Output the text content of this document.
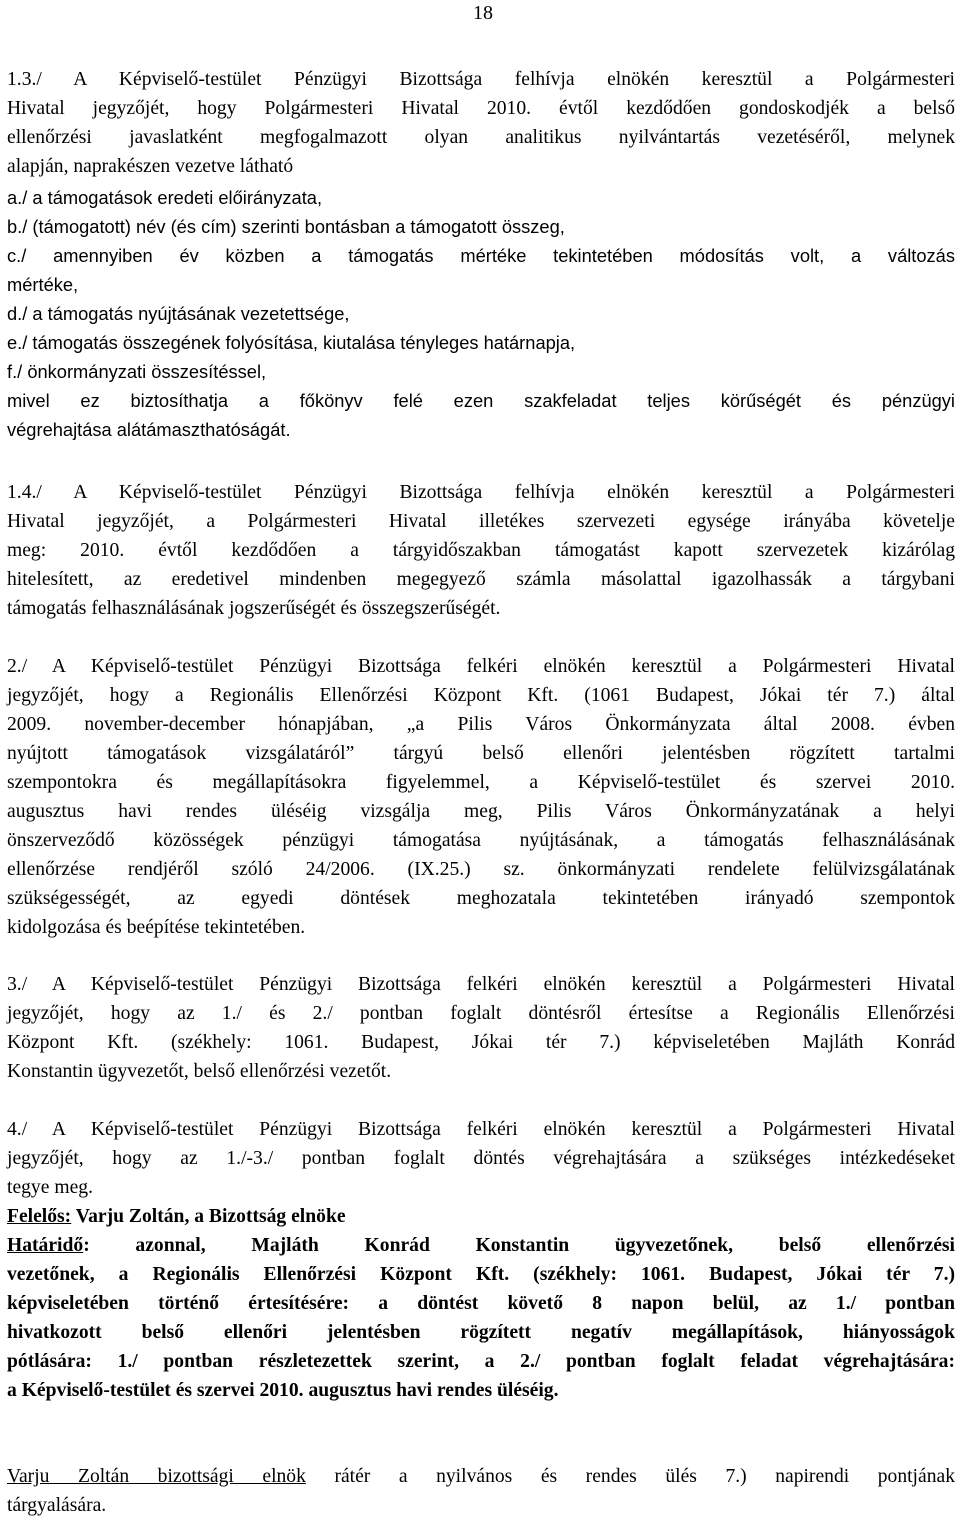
18
1.3./ A Képviselő-testület Pénzügyi Bizottsága felhívja elnökén keresztül a Polgármesteri
Hivatal jegyzőjét, hogy Polgármesteri Hivatal 2010. évtől kezdődően gondoskodjék a belső
ellenőrzési javaslatként megfogalmazott olyan analitikus nyilvántartás vezetéséről, melynek
alapján, naprakészen vezetve látható
a./ a támogatások eredeti előirányzata,
b./ (támogatott) név (és cím) szerinti bontásban a támogatott összeg,
c./ amennyiben év közben a támogatás mértéke tekintetében módosítás volt, a változás
mértéke,
d./ a támogatás nyújtásának vezetettsége,
e./ támogatás összegének folyósítása, kiutalása tényleges határnapja,
f./ önkormányzati összesítéssel,
mivel ez biztosíthatja a főkönyv felé ezen szakfeladat teljes körűségét és pénzügyi
végrehajtása alátámaszthatóságát.
1.4./ A Képviselő-testület Pénzügyi Bizottsága felhívja elnökén keresztül a Polgármesteri
Hivatal jegyzőjét, a Polgármesteri Hivatal illetékes szervezeti egysége irányába követelje
meg: 2010. évtől kezdődően a tárgyidőszakban támogatást kapott szervezetek kizárólag
hitelesített, az eredetivel mindenben megegyező számla másolattal igazolhassák a tárgybani
támogatás felhasználásának jogszerűségét és összegszerűségét.
2./ A Képviselő-testület Pénzügyi Bizottsága felkéri elnökén keresztül a Polgármesteri Hivatal
jegyzőjét, hogy a Regionális Ellenőrzési Központ Kft. (1061 Budapest, Jókai tér 7.) által
2009. november-december hónapjában, „a Pilis Város Önkormányzata által 2008. évben
nyújtott támogatások vizsgálatáról” tárgyú belső ellenőri jelentésben rögzített tartalmi
szempontokra és megállapításokra figyelemmel, a Képviselő-testület és szervei 2010.
augusztus havi rendes üléséig vizsgálja meg, Pilis Város Önkormányzatának a helyi
önszerveződő közösségek pénzügyi támogatása nyújtásának, a támogatás felhasználásának
ellenőrzése rendjéről szóló 24/2006. (IX.25.) sz. önkormányzati rendelete felülvizsgálatának
szükségességét, az egyedi döntések meghozatala tekintetében irányadó szempontok
kidolgozása és beépítése tekintetében.
3./ A Képviselő-testület Pénzügyi Bizottsága felkéri elnökén keresztül a Polgármesteri Hivatal
jegyzőjét, hogy az 1./ és 2./ pontban foglalt döntésről értesítse a Regionális Ellenőrzési
Központ Kft. (székhely: 1061. Budapest, Jókai tér 7.) képviseletében Majláth Konrád
Konstantin ügyvezetőt, belső ellenőrzési vezetőt.
4./ A Képviselő-testület Pénzügyi Bizottsága felkéri elnökén keresztül a Polgármesteri Hivatal
jegyzőjét, hogy az 1./-3./ pontban foglalt döntés végrehajtására a szükséges intézkedéseket
tegye meg.
Felelős: Varju Zoltán, a Bizottság elnöke
Határidő: azonnal, Majláth Konrád Konstantin ügyvezetőnek, belső ellenőrzési
vezetőnek, a Regionális Ellenőrzési Központ Kft. (székhely: 1061. Budapest, Jókai tér 7.)
képviseletében történő értesítésére: a döntést követő 8 napon belül, az 1./ pontban
hivatkozott belső ellenőri jelentésben rögzített negatív megállapítások, hiányosságok
pótlására: 1./ pontban részletezettek szerint, a 2./ pontban foglalt feladat végrehajtására:
a Képviselő-testület és szervei 2010. augusztus havi rendes üléséig.
Varju Zoltán bizottsági elnök rátér a nyilvános és rendes ülés 7.) napirendi pontjának
tárgyalására.
